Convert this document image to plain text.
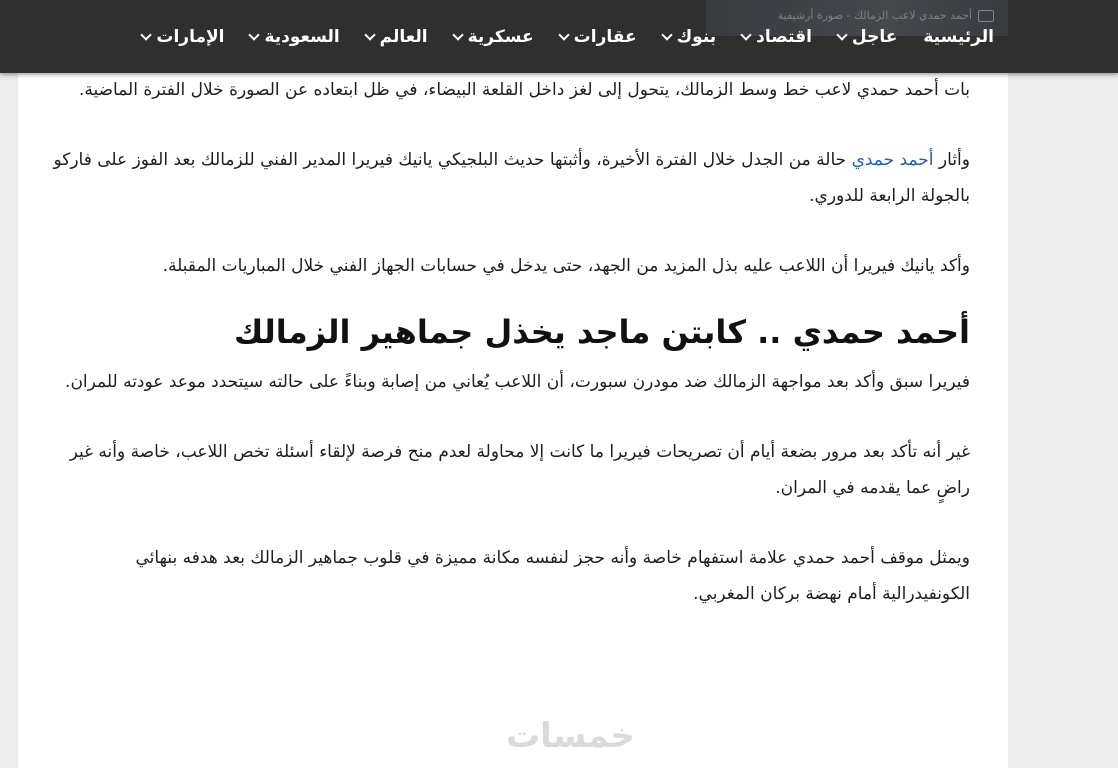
بات أحمد حمدي لاعب خط وسط الزمالك، يتحول إلى لغز داخل القلعة البيضاء، في ظل ابتعاده عن الصورة خلال الفترة الماضية.

وأثار أحمد حمدي حالة من الجدل خلال الفترة الأخيرة، وأثبتها حديث البلجيكي يانيك فيريرا المدير الفني للزمالك بعد الفوز على فاركو بالجولة الرابعة للدوري.

وأكد يانيك فيريرا أن اللاعب عليه بذل المزيد من الجهد، حتى يدخل في حسابات الجهاز الفني خلال المباريات المقبلة.

أحمد حمدي .. كابتن ماجد يخذل جماهير الزمالك

فيريرا سبق وأكد بعد مواجهة الزمالك ضد مودرن سبورت، أن اللاعب يُعاني من إصابة وبناءً على حالته سيتحدد موعد عودته للمران.

غير أنه تأكد بعد مرور بضعة أيام أن تصريحات فيريرا ما كانت إلا محاولة لعدم منح فرصة لإلقاء أسئلة تخص اللاعب، خاصة وأنه غير راضٍ عما يقدمه في المران.

ويمثل موقف أحمد حمدي علامة استفهام خاصة وأنه حجز لنفسه مكانة مميزة في قلوب جماهير الزمالك بعد هدفه بنهائي الكونفيدرالية أمام نهضة بركان المغربي.

خمسات
أحمد حمدي لاعب الزمالك - صورة أرشيفية
الرئيسية
عاجل
اقتصاد
بنوك
عقارات
عسكرية
العالم
السعودية
الإمارات
